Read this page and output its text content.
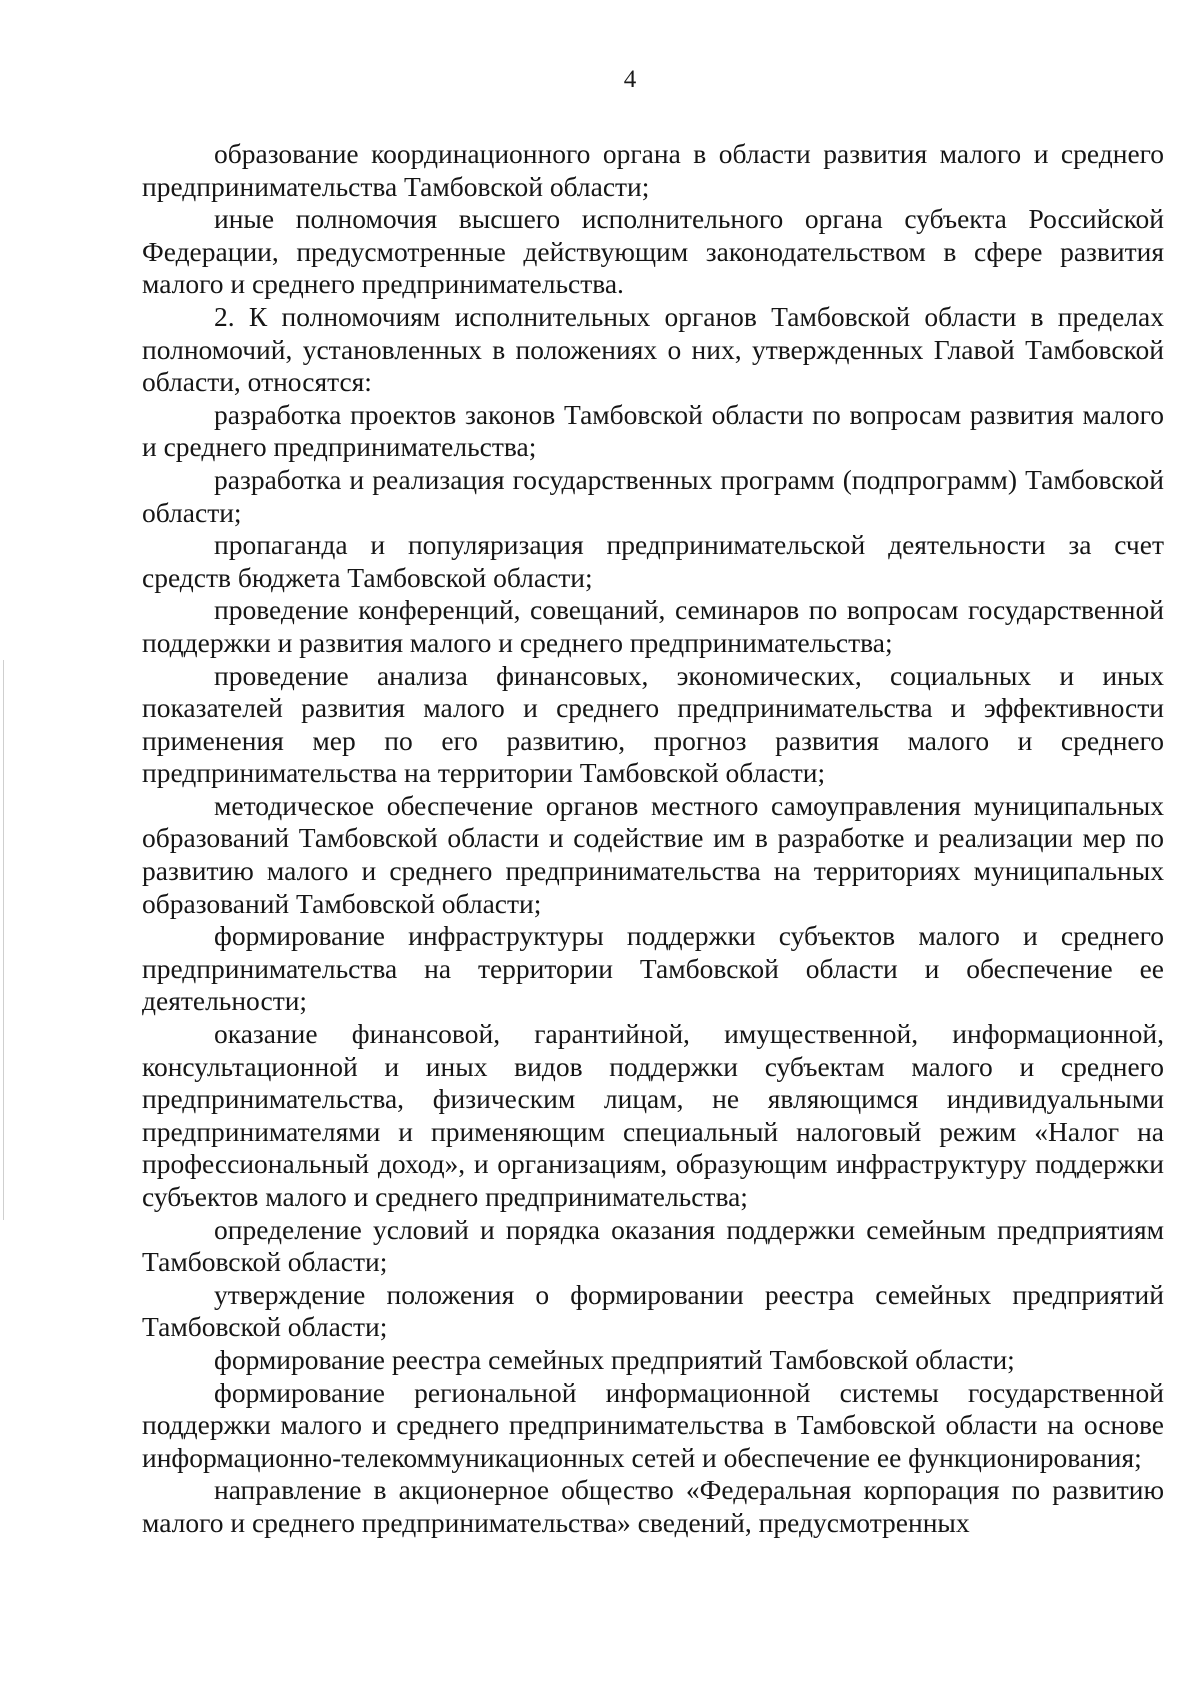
4

образование координационного органа в области развития малого и среднего предпринимательства Тамбовской области;

иные полномочия высшего исполнительного органа субъекта Российской Федерации, предусмотренные действующим законодательством в сфере развития малого и среднего предпринимательства.

2. К полномочиям исполнительных органов Тамбовской области в пределах полномочий, установленных в положениях о них, утвержденных Главой Тамбовской области, относятся:

разработка проектов законов Тамбовской области по вопросам развития малого и среднего предпринимательства;

разработка и реализация государственных программ (подпрограмм) Тамбовской области;

пропаганда и популяризация предпринимательской деятельности за счет средств бюджета Тамбовской области;

проведение конференций, совещаний, семинаров по вопросам государственной поддержки и развития малого и среднего предпринимательства;

проведение анализа финансовых, экономических, социальных и иных показателей развития малого и среднего предпринимательства и эффективности применения мер по его развитию, прогноз развития малого и среднего предпринимательства на территории Тамбовской области;

методическое обеспечение органов местного самоуправления муниципальных образований Тамбовской области и содействие им в разработке и реализации мер по развитию малого и среднего предпринимательства на территориях муниципальных образований Тамбовской области;

формирование инфраструктуры поддержки субъектов малого и среднего предпринимательства на территории Тамбовской области и обеспечение ее деятельности;

оказание финансовой, гарантийной, имущественной, информационной, консультационной и иных видов поддержки субъектам малого и среднего предпринимательства, физическим лицам, не являющимся индивидуальными предпринимателями и применяющим специальный налоговый режим «Налог на профессиональный доход», и организациям, образующим инфраструктуру поддержки субъектов малого и среднего предпринимательства;

определение условий и порядка оказания поддержки семейным предприятиям Тамбовской области;

утверждение положения о формировании реестра семейных предприятий Тамбовской области;

формирование реестра семейных предприятий Тамбовской области;

формирование региональной информационной системы государственной поддержки малого и среднего предпринимательства в Тамбовской области на основе информационно-телекоммуникационных сетей и обеспечение ее функционирования;

направление в акционерное общество «Федеральная корпорация по развитию малого и среднего предпринимательства» сведений, предусмотренных
